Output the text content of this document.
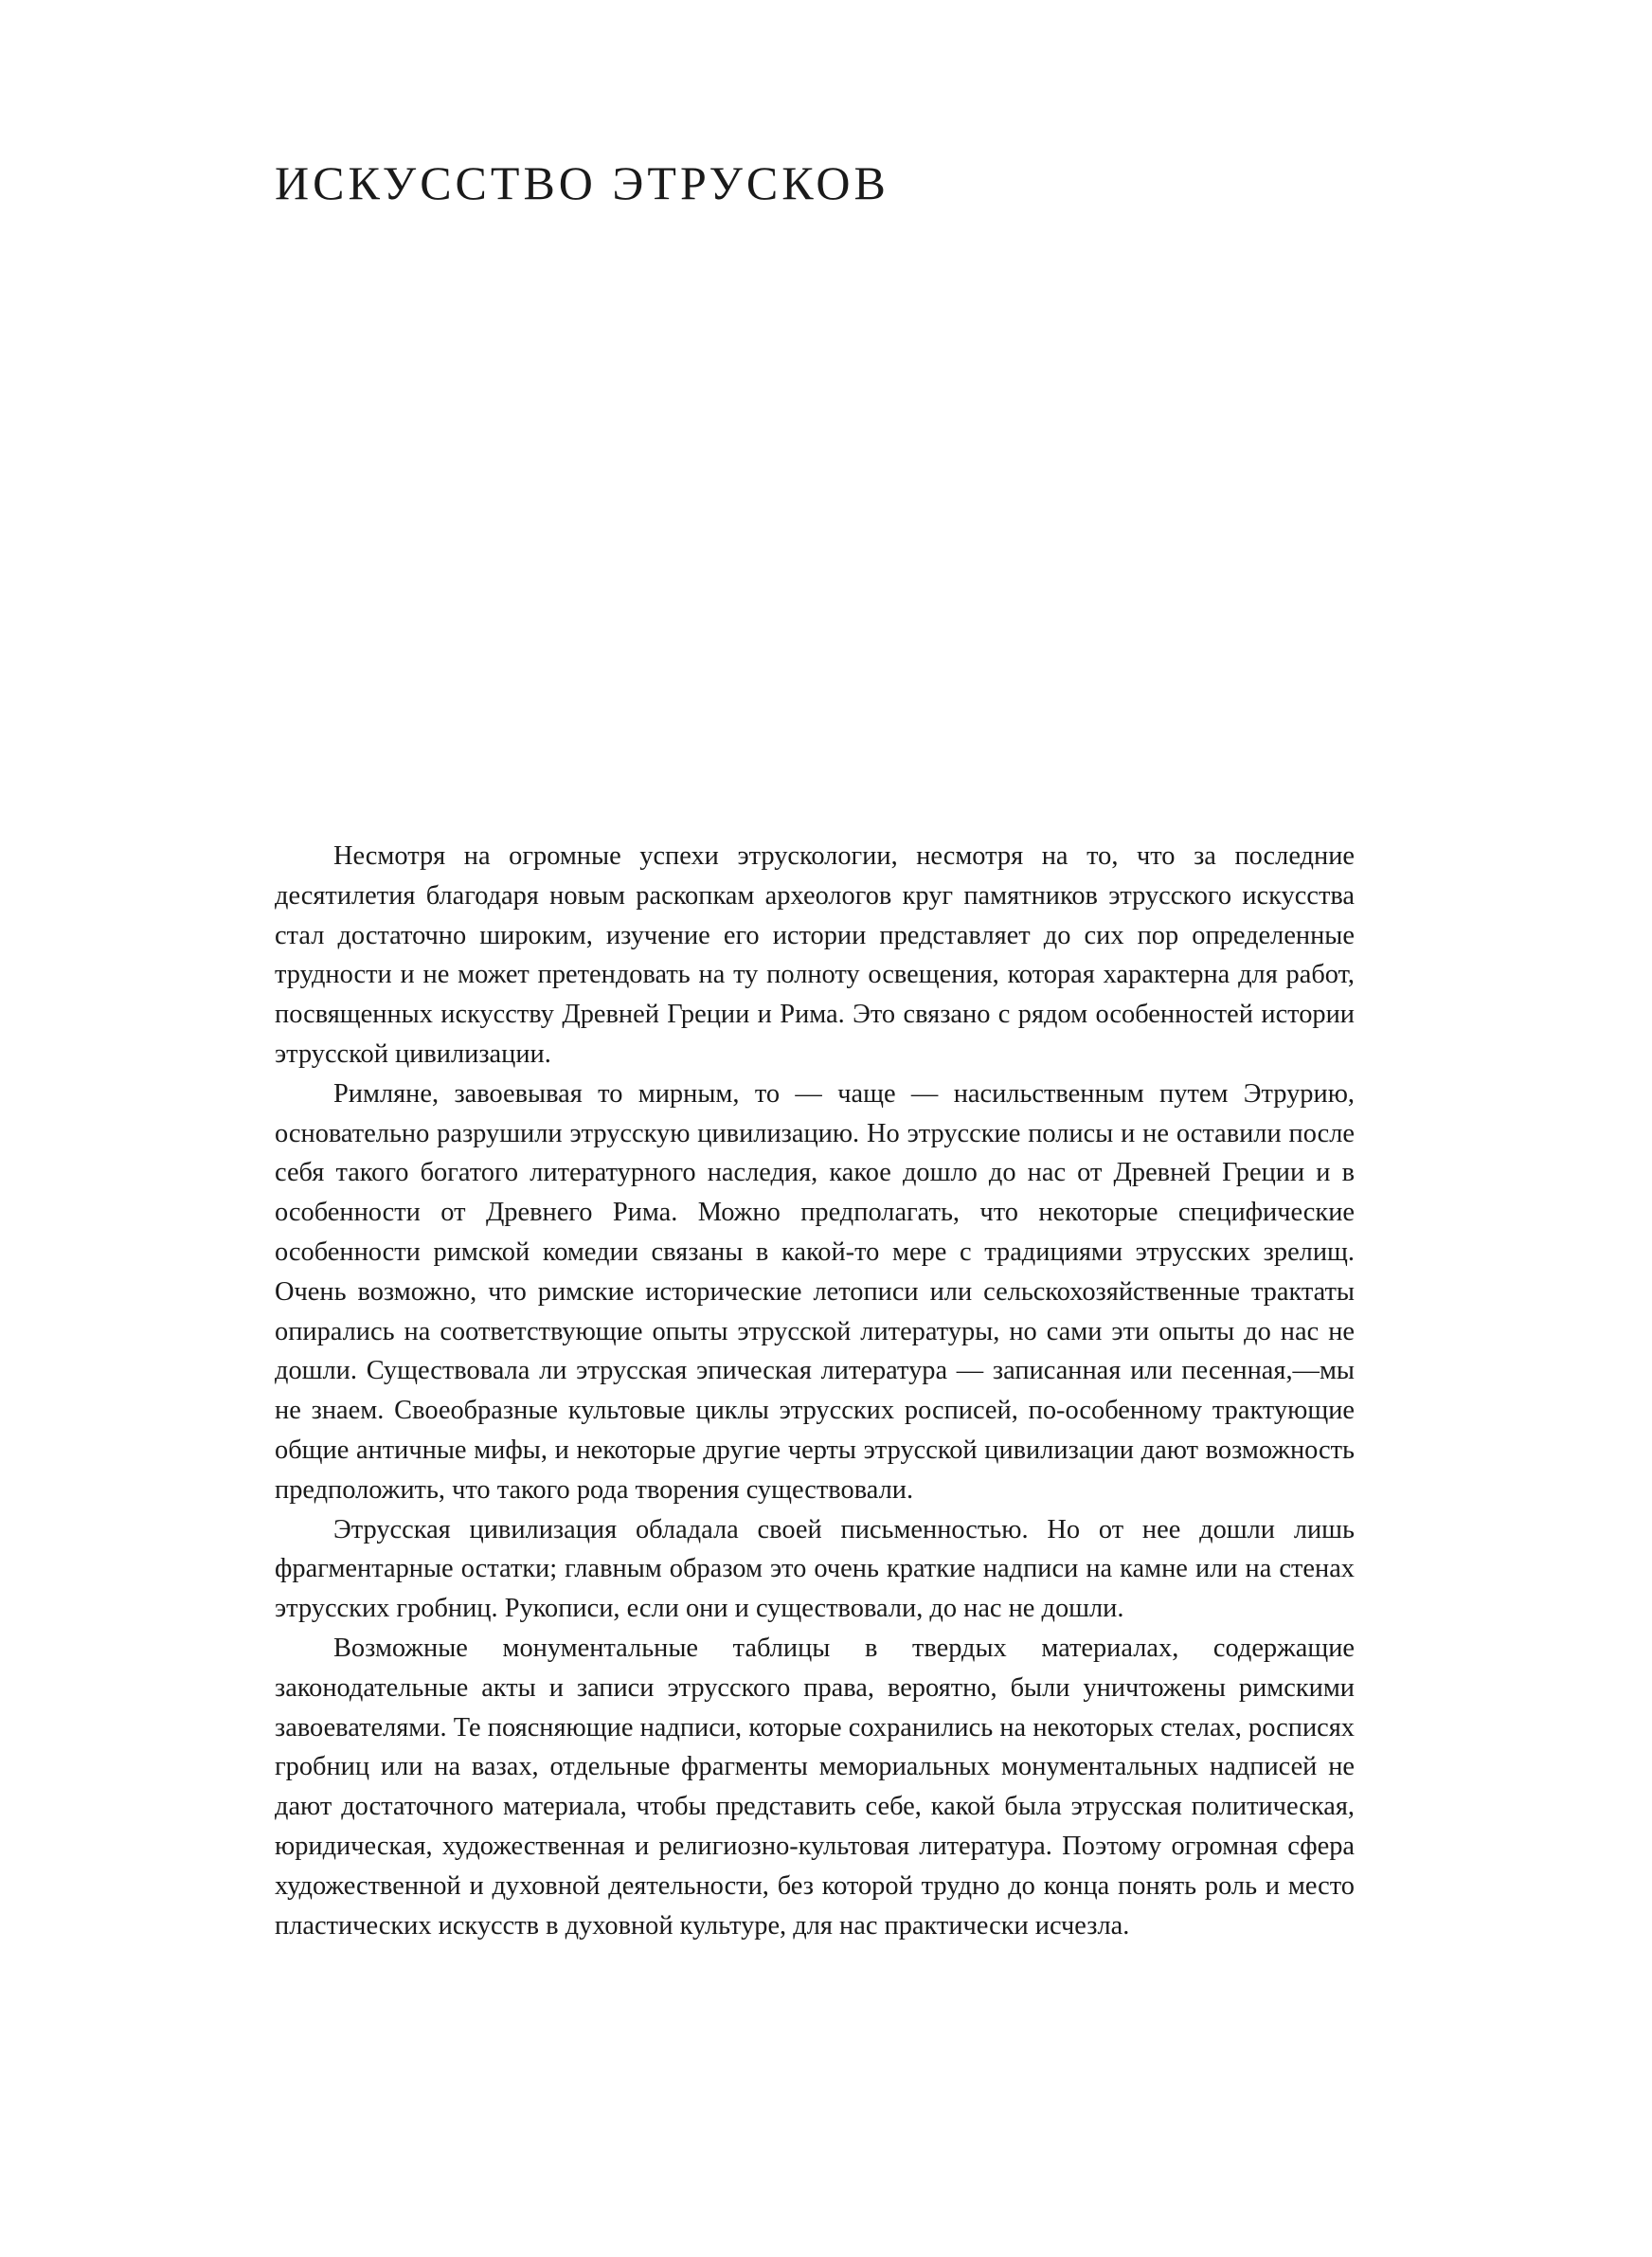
ИСКУССТВО ЭТРУСКОВ

Несмотря на огромные успехи этрускологии, несмотря на то, что за последние десятилетия благодаря новым раскопкам археологов круг памятников этрусского искусства стал достаточно широким, изучение его истории представляет до сих пор определенные трудности и не может претендовать на ту полноту освещения, которая характерна для работ, посвященных искусству Древней Греции и Рима. Это связано с рядом особенностей истории этрусской цивилизации.

Римляне, завоевывая то мирным, то — чаще — насильственным путем Этрурию, основательно разрушили этрусскую цивилизацию. Но этрусские полисы и не оставили после себя такого богатого литературного наследия, какое дошло до нас от Древней Греции и в особенности от Древнего Рима. Можно предполагать, что некоторые специфические особенности римской комедии связаны в какой-то мере с традициями этрусских зрелищ. Очень возможно, что римские исторические летописи или сельскохозяйственные трактаты опирались на соответствующие опыты этрусской литературы, но сами эти опыты до нас не дошли. Существовала ли этрусская эпическая литература — записанная или песенная,—мы не знаем. Своеобразные культовые циклы этрусских росписей, по-особенному трактующие общие античные мифы, и некоторые другие черты этрусской цивилизации дают возможность предположить, что такого рода творения существовали.

Этрусская цивилизация обладала своей письменностью. Но от нее дошли лишь фрагментарные остатки; главным образом это очень краткие надписи на камне или на стенах этрусских гробниц. Рукописи, если они и существовали, до нас не дошли.

Возможные монументальные таблицы в твердых материалах, содержащие законодательные акты и записи этрусского права, вероятно, были уничтожены римскими завоевателями. Те поясняющие надписи, которые сохранились на некоторых стелах, росписях гробниц или на вазах, отдельные фрагменты мемориальных монументальных надписей не дают достаточного материала, чтобы представить себе, какой была этрусская политическая, юридическая, художественная и религиозно-культовая литература. Поэтому огромная сфера художественной и духовной деятельности, без которой трудно до конца понять роль и место пластических искусств в духовной культуре, для нас практически исчезла.
